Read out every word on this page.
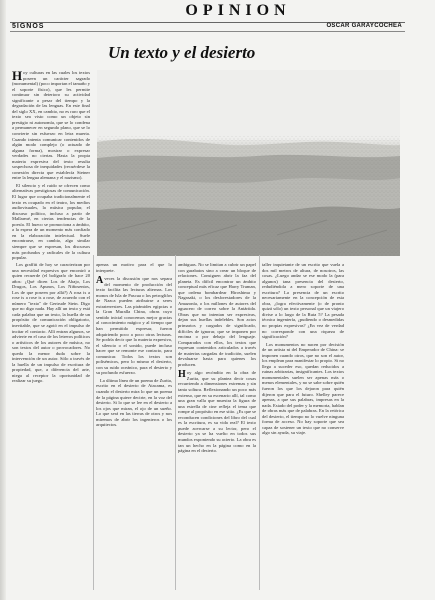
OPINION
5IGNOS	OSCAR GARAYCOCHEA
Un texto y el desierto

Hoy culturas en las cuales los textos poseen un carácter sagrado (monumental) (poco importan el tamaño y el soporte físico), que les permite continuar sin deterioro su actividad significante a pesar del tiempo y la degradación de las lenguas. En este final del siglo XX, en cambio, no es raro que el texto sea visto como un objeto sin prestigio ni autonomía, que se lo condena a permanecer en segundo plano, que se lo convierte sin esfuerzo en letra muerta. Cuando intenta comunicar contenidos de algún modo complejo (o actuado de alguna forma), mostrar o expresar verdades no ciertas. Hasta la propia materia expresiva del texto resulta sospechosa de inequidades (recuérdese la conexión directa que establecía Steiner entre la lengua alemana y el nazismo).

El silencio y el ruido se ofrecen como alternativas prestigiosas de comunicación. El lugar que ocupaba tradicionalmente el texto es ocupado en el teatro, los medios audiovisuales, la música popular, el discurso político, incluso a partir de Mallarmé, en ciertas tendencias de la poesía. El hueco se promociona a ámbito, a la espera de un momento más confiado en la elaboración intelectual. Suele encontrarse, en cambio, algo similar siempre que se expresan, los discursos más profundos y radicales de la cultura popular.

Los graffiti de hoy se caracterizan por una necesidad expresiva que encontró a quien recuerde (el bolígrafo de hace 20 años: ¿Qué dicen Los de Abajo, Los Drugos, Los Apunos, Los Niñosentos, Los de que poseen por allá?) A rosa is a rose is a rose is a rose, de acuerdo con el número "texto" de Gertrude Stein. Digo que no digo nada. Hay allí un texto y está cada palabra que un texto, la huella de un propósito de comunicación obligatorio, inevitable, que se agotó en el impulso de incitar el contacto. Allí entran algunos, se advierte en el caso de los letreros políticos o artísticos de los autores de música, no son textos del autor o provocadores. No queda la menor duda sobre la intervención de un autor. Sólo a través de la huella de un impulso de escritura de propiedad, que, a diferencia del arte, niega al receptor la oportunidad de realizar su juego.

apenas un motivo para el que lo interprete.

Aveces la discusión que nos separa del momento de producción del texto facilita las lecturas alternas. Los monos de Isla de Pascua o los petroglifos de Nazca pueden atribuirse a seres extraterrestres. Las pirámides egipcias o la Gran Muralla China, obras cuyo sentido inicial conocemos mejor gracias al conocimiento mágico y al tiempo que han permitido expresar, fueron adquiriendo poco a poco otras lecturas. Se podría decir que la materia expresiva, el silencio o el sonido, puede incluso hacer que se remonte ese contacto, para comunicar. Todos los textos son polisémicos, pero lo mismo el desierto, con su ruido oceánico, para el desierto y su profundo esfuerzo.

La última línea de un poema de Zurita, escrito en el desierto de Atacama, es cuando el desierto mira lo que un poema de la página quiere decirte, en la voz del desierto. Si lo que se lee en el desierto a los ojos que miran, el ojo de un sueño. Lo que será en las tierras de otros y nos miremos de abrir los ingenieros o los arquitectos.

ambiguas. No se limitan a cubrir un papel con garabatos sino a crear un bloque de relaciones. Consiguen abrir la faz del planeta. Es difícil encontrar un ámbito conceptual más eficaz que Harry Truman, que ordena bombardear Hiroshima y Nagasaki, o los desforestadores de la Amazonía, o los millones de autores del aguacero de correo sobre la Antártida. Obras que no intentan ser expresivas, dejan sus huellas indelebles. Son actos primarios y cargados de significado, difíciles de ignorar, que se imponen por encima o por debajo del lenguaje. Comparados con ellos, los textos que expresan contenidos articulados a través de materias cargadas de tradición, suelen devaluarse hasta para quienes los producen.

Hoy algo recóndito en la obra de Zurita, que su plantea decir cosas recurriendo a dimensiones extremas y sin tanta soltura. Reflexionando un poco más extenso, que en su escenario allí, tal como una gran valla que muestra la figura de una estrella de cine refleja el tema que rompe al propósito en ese sitio. ¿Es que se reconducen condiciones del libro del cual es la escritura, es su vida real? El texto puede acercarse a su lector, pero el desierto ya se ha vuelto en todos sus mundos exponiendo su acierto. La obra es tan un hecho en la página como en la página en el desierto.

taller inquietante de un escrito que vuela a dos mil metros de altura, de nosotros, las cosas. ¿Luego andar se ese modo la (para algunos) tana presencia del desierto, redudiéndola a mero soporte de una escritura? La presencia de un escrito necesariamente en la concepción de esta obra, ¿logra efectivamente (o de pronto quizá sólo) un texto personal que un viajero divise a lo largo de la Ruta 5? La pesada técnica ingeniería, ¿pudiendo o desmedidas no propias expresivas? ¿En vez de verdad no corresponde con una riqueza de significación?

Los monumentos no nacen por decisión de un artista ni del Emperador de China: se imponen cuando otros, que no son el autor, los emplean para manifestar lo propio. Si no llega a suceder eso, quedan reducidos a ruinas arbitrarias, insignificantes. Los textos monumentales suelen ser apenas más o menos elementales, y no se sabe sobre quién fueron los que los dejaron para quién dijeron que para el futuro. Shelley parece apenas, a que sus palabras, impresas en la nada. Estado del poder y la memoria, hablan de obras más que de palabras. En la retórica del desierto, el tiempo no lo vuelve ninguna forma de acceso. No hay soporte que sea capaz de sostener un texto que no conserve algo sin ayuda, su viaje.
